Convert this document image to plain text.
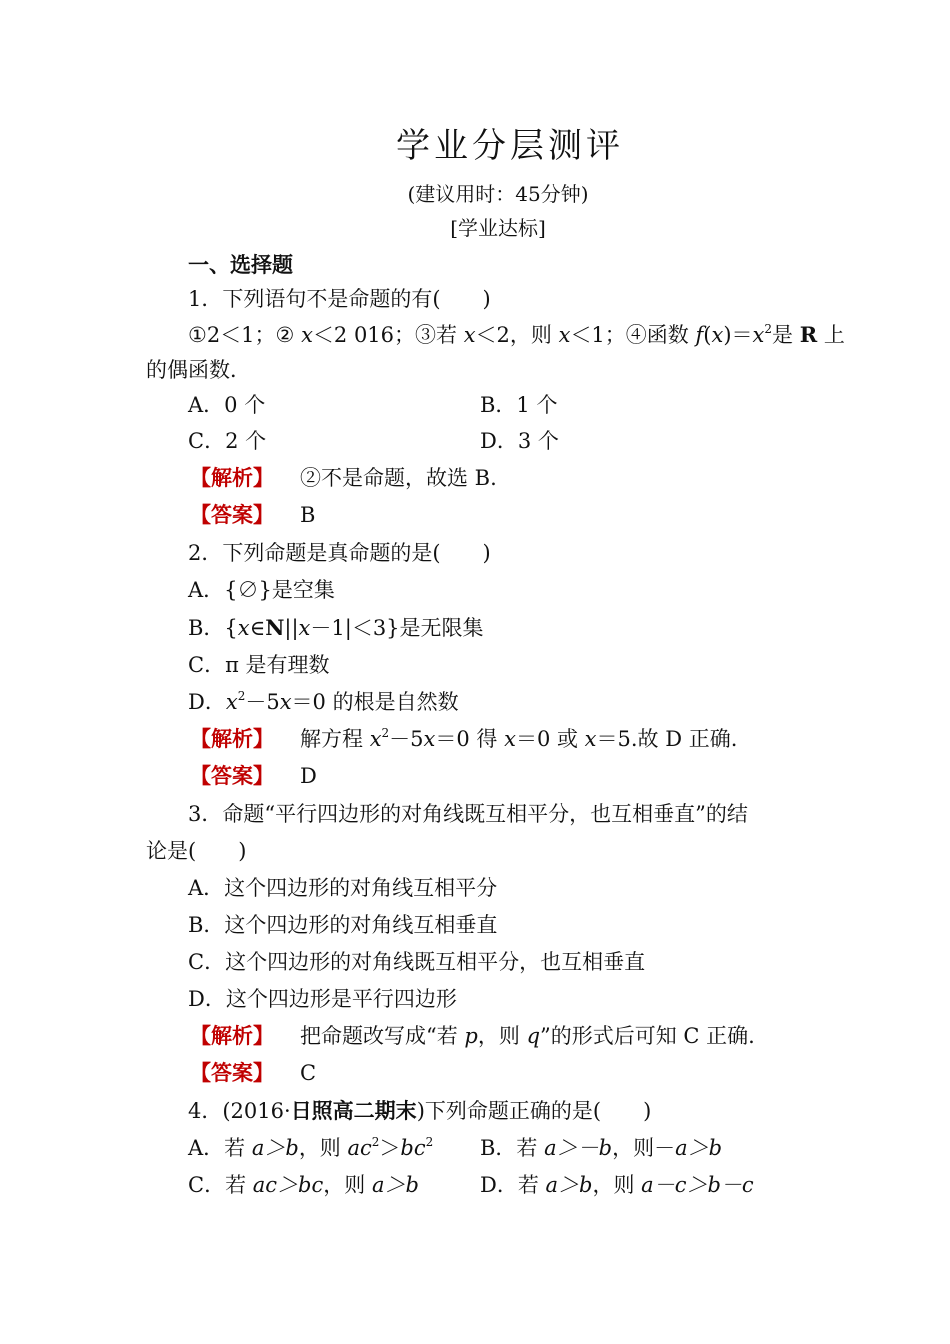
学业分层测评
(建议用时：45分钟)
[学业达标]
一、选择题
1．下列语句不是命题的有(　　)
①2＜1；② x＜2 016；③若 x＜2，则 x＜1；④函数 $f(x)=x^2$是 R 上
的偶函数．
A．0 个	B．1 个
C．2 个	D．3 个
【解析】 ②不是命题，故选 B.
【答案】 B
2．下列命题是真命题的是(　　)
A．{∅}是空集
B．{x∈N||x－1|＜3}是无限集
C．π 是有理数
D．$x^2-5x=0$ 的根是自然数
【解析】 解方程 $x^2-5x=0$ 得 x＝0 或 x＝5.故 D 正确.
【答案】 D
3．命题“平行四边形的对角线既互相平分，也互相垂直”的结
论是(　　)
A．这个四边形的对角线互相平分
B．这个四边形的对角线互相垂直
C．这个四边形的对角线既互相平分，也互相垂直
D．这个四边形是平行四边形
【解析】 把命题改写成“若 p，则 q”的形式后可知 C 正确.
【答案】 C
4．(2016·日照高二期末)下列命题正确的是(　　)
A．若 a＞b，则 $ac^2>bc^2$ B．若 a＞－b，则－a＞b
C．若 ac＞bc，则 a＞b	D．若 a＞b，则 a－c＞b－c
